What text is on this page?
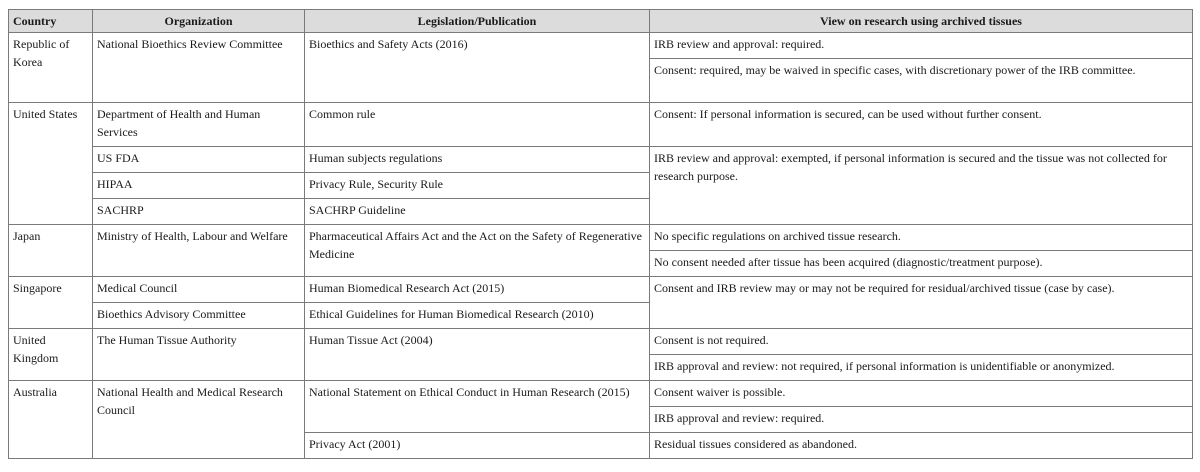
Country	Organization	Legislation/Publication	View on research using archived tissues
Republic of Korea	National Bioethics Review Committee	Bioethics and Safety Acts (2016)	IRB review and approval: required.
			Consent: required, may be waived in specific cases, with discretionary power of the IRB committee.
United States	Department of Health and Human Services	Common rule	Consent: If personal information is secured, can be used without further consent.
	US FDA	Human subjects regulations	IRB review and approval: exempted, if personal information is secured and the tissue was not collected for research purpose.
	HIPAA	Privacy Rule, Security Rule	
	SACHRP	SACHRP Guideline	
Japan	Ministry of Health, Labour and Welfare	Pharmaceutical Affairs Act and the Act on the Safety of Regenerative Medicine	No specific regulations on archived tissue research.
			No consent needed after tissue has been acquired (diagnostic/treatment purpose).
Singapore	Medical Council	Human Biomedical Research Act (2015)	Consent and IRB review may or may not be required for residual/archived tissue (case by case).
	Bioethics Advisory Committee	Ethical Guidelines for Human Biomedical Research (2010)	
United Kingdom	The Human Tissue Authority	Human Tissue Act (2004)	Consent is not required.
			IRB approval and review: not required, if personal information is unidentifiable or anonymized.
Australia	National Health and Medical Research Council	National Statement on Ethical Conduct in Human Research (2015)	Consent waiver is possible.
			IRB approval and review: required.
		Privacy Act (2001)	Residual tissues considered as abandoned.
